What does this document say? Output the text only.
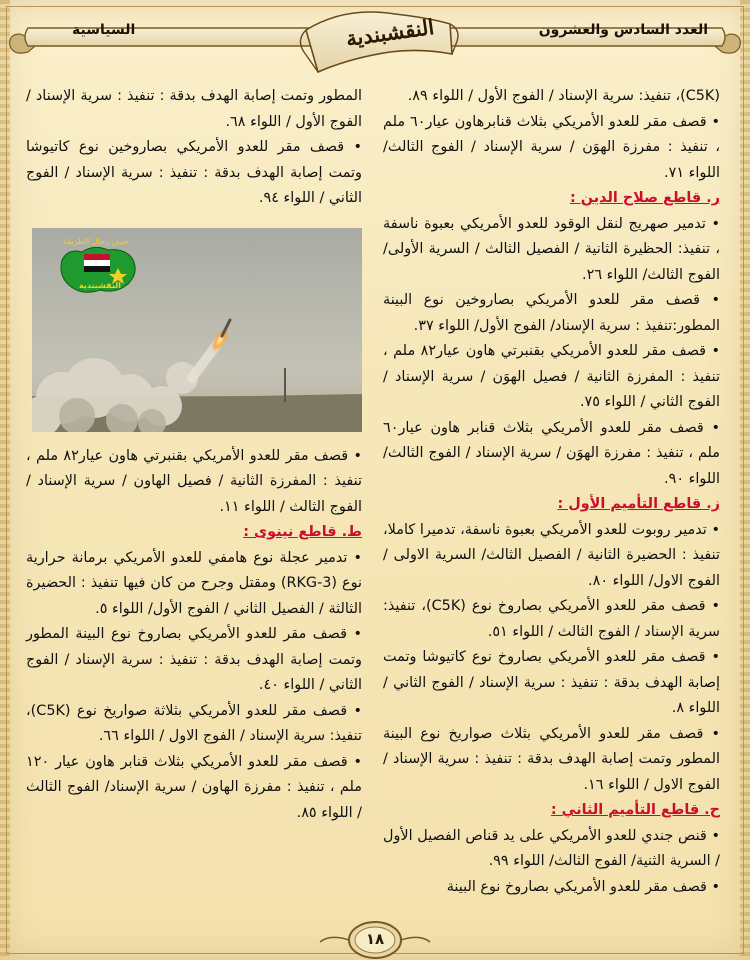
العدد السادس والعشرون
السياسية	النقشبندية

(C5K)، تنفيذ: سرية الإسناد / الفوج الأول / اللواء ٨٩.

• قصف مقر للعدو الأمريكي بثلاث قنابرهاون عيار٦٠ ملم ، تنفيذ : مفرزة الهوَن / سرية الإسناد / الفوج الثالث/ اللواء ٧١.

ر. قاطع صلاح الدين :

• تدمير صهريج لنقل الوقود للعدو الأمريكي بعبوة ناسفة ، تنفيذ: الحظيرة الثانية / الفصيل الثالث / السرية الأولى/ الفوج الثالث/ اللواء ٢٦.

• قصف مقر للعدو الأمريكي بصاروخين نوع البينة المطور:تنفيذ : سرية الإسناد/ الفوج الأول/ اللواء ٣٧.

• قصف مقر للعدو الأمريكي بقنبرتي هاون عيار٨٢ ملم ، تنفيذ : المفرزة الثانية / فصيل الهوَن / سرية الإسناد / الفوج الثاني / اللواء ٧٥.

• قصف مقر للعدو الأمريكي بثلاث قنابر هاون عيار٦٠ ملم ، تنفيذ : مفرزة الهوَن / سرية الإسناد / الفوج الثالث/ اللواء ٩٠.

ز. قاطع التأميم الأول :

• تدمير روبوت للعدو الأمريكي بعبوة ناسفة، تدميرا كاملا، تنفيذ : الحضيرة الثانية / الفصيل الثالث/ السرية الاولى / الفوج الاول/ اللواء ٨٠.

• قصف مقر للعدو الأمريكي بصاروخ نوع (C5K)، تنفيذ: سرية الإسناد / الفوج الثالث / اللواء ٥١.

• قصف مقر للعدو الأمريكي بصاروخ نوع كاتيوشا وتمت إصابة الهدف بدقة : تنفيذ : سرية الإسناد / الفوج الثاني / اللواء ٨.

• قصف مقر للعدو الأمريكي بثلاث صواريخ نوع البينة المطور وتمت إصابة الهدف بدقة : تنفيذ : سرية الإسناد / الفوج الاول / اللواء ١٦.

ح. قاطع التأميم الثاني :

• قنص جندي للعدو الأمريكي على يد قناص الفصيل الأول / السرية الثنية/ الفوج الثالث/ اللواء ٩٩.

• قصف مقر للعدو الأمريكي بصاروخ نوع البينة

المطور وتمت إصابة الهدف بدقة : تنفيذ : سرية الإسناد / الفوج الأول / اللواء ٦٨.

• قصف مقر للعدو الأمريكي بصاروخين نوع كاتيوشا وتمت إصابة الهدف بدقة : تنفيذ : سرية الإسناد / الفوج الثاني / اللواء ٩٤.

جيش رجال الطريقة
النقشبندية

• قصف مقر للعدو الأمريكي بقنبرتي هاون عيار٨٢ ملم ، تنفيذ : المفرزة الثانية / فصيل الهاون / سرية الإسناد / الفوج الثالث / اللواء ١١.

ط. قاطع نينوى :

• تدمير عجلة نوع هامفي للعدو الأمريكي برمانة حرارية نوع (RKG-3) ومقتل وجرح من كان فيها تنفيذ : الحضيرة الثالثة / الفصيل الثاني / الفوج الأول/ اللواء ٥.

• قصف مقر للعدو الأمريكي بصاروخ نوع البينة المطور وتمت إصابة الهدف بدقة : تنفيذ : سرية الإسناد / الفوج الثاني / اللواء ٤٠.

• قصف مقر للعدو الأمريكي بثلاثة صواريخ نوع (C5K)، تنفيذ: سرية الإسناد / الفوج الاول / اللواء ٦٦.

• قصف مقر للعدو الأمريكي بثلاث قنابر هاون عيار ١٢٠ ملم ، تنفيذ : مفرزة الهاون / سرية الإسناد/ الفوج الثالث / اللواء ٨٥.

١٨
